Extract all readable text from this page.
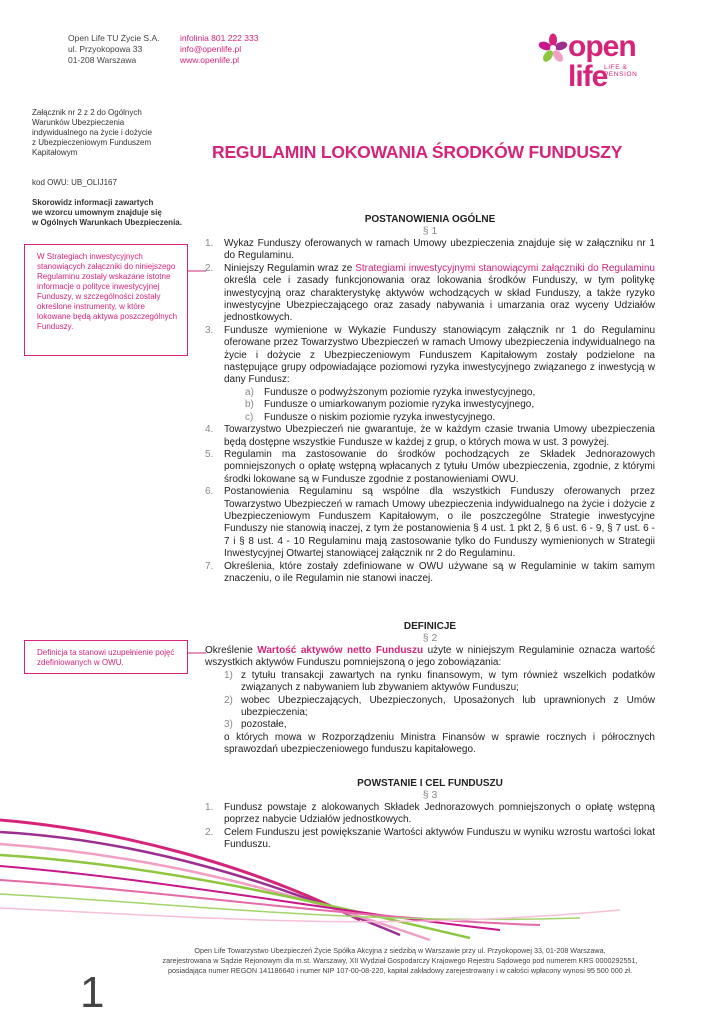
Open Life TU Życie S.A.
ul. Przyokopowa 33
01-208 Warszawa
infolinia 801 222 333
info@openlife.pl
www.openlife.pl	open life
LIFE & PENSION
Załącznik nr 2 z 2 do Ogólnych
Warunków Ubezpieczenia
indywidualnego na życie i dożycie
z Ubezpieczeniowym Funduszem
Kapitałowym
kod OWU: UB_OLIJ167
Skorowidz informacji zawartych
we wzorcu umownym znajduje się
w Ogólnych Warunkach Ubezpieczenia.
W Strategiach inwestycyjnych stanowiących załączniki do niniejszego Regulaminu zostały wskazane istotne informacje o polityce inwestycyjnej Funduszy, w szczególności zostały określone instrumenty, w które lokowane będą aktywa poszczególnych Funduszy.
Definicja ta stanowi uzupełnienie pojęć zdefiniowanych w OWU.
REGULAMIN LOKOWANIA ŚRODKÓW FUNDUSZY
POSTANOWIENIA OGÓLNE
§ 1

1. Wykaz Funduszy oferowanych w ramach Umowy ubezpieczenia znajduje się w załączniku nr 1 do Regulaminu.

2. Niniejszy Regulamin wraz ze Strategiami inwestycyjnymi stanowiącymi załączniki do Regulaminu określa cele i zasady funkcjonowania oraz lokowania środków Funduszy, w tym politykę inwestycyjną oraz charakterystykę aktywów wchodzących w skład Funduszy, a także ryzyko inwestycyjne Ubezpieczającego oraz zasady nabywania i umarzania oraz wyceny Udziałów jednostkowych.

3. Fundusze wymienione w Wykazie Funduszy stanowiącym załącznik nr 1 do Regulaminu oferowane przez Towarzystwo Ubezpieczeń w ramach Umowy ubezpieczenia indywidualnego na życie i dożycie z Ubezpieczeniowym Funduszem Kapitałowym zostały podzielone na następujące grupy odpowiadające poziomowi ryzyka inwestycyjnego związanego z inwestycją w dany Fundusz:

a) Fundusze o podwyższonym poziomie ryzyka inwestycyjnego,

b) Fundusze o umiarkowanym poziomie ryzyka inwestycyjnego,

c) Fundusze o niskim poziomie ryzyka inwestycyjnego.

4. Towarzystwo Ubezpieczeń nie gwarantuje, że w każdym czasie trwania Umowy ubezpieczenia będą dostępne wszystkie Fundusze w każdej z grup, o których mowa w ust. 3 powyżej.

5. Regulamin ma zastosowanie do środków pochodzących ze Składek Jednorazowych pomniejszonych o opłatę wstępną wpłacanych z tytułu Umów ubezpieczenia, zgodnie, z którymi środki lokowane są w Fundusze zgodnie z postanowieniami OWU.

6. Postanowienia Regulaminu są wspólne dla wszystkich Funduszy oferowanych przez Towarzystwo Ubezpieczeń w ramach Umowy ubezpieczenia indywidualnego na życie i dożycie z Ubezpieczeniowym Funduszem Kapitałowym, o ile poszczególne Strategie inwestycyjne Funduszy nie stanowią inaczej, z tym że postanowienia § 4 ust. 1 pkt 2, § 6 ust. 6 - 9, § 7 ust. 6 - 7 i § 8 ust. 4 - 10 Regulaminu mają zastosowanie tylko do Funduszy wymienionych w Strategii Inwestycyjnej Otwartej stanowiącej załącznik nr 2 do Regulaminu.

7. Określenia, które zostały zdefiniowane w OWU używane są w Regulaminie w takim samym znaczeniu, o ile Regulamin nie stanowi inaczej.

DEFINICJE
§ 2

Określenie Wartość aktywów netto Funduszu użyte w niniejszym Regulaminie oznacza wartość wszystkich aktywów Funduszu pomniejszoną o jego zobowiązania:

1) z tytułu transakcji zawartych na rynku finansowym, w tym również wszelkich podatków związanych z nabywaniem lub zbywaniem aktywów Funduszu;

2) wobec Ubezpieczających, Ubezpieczonych, Uposażonych lub uprawnionych z Umów ubezpieczenia;

3) pozostałe,

o których mowa w Rozporządzeniu Ministra Finansów w sprawie rocznych i półrocznych sprawozdań ubezpieczeniowego funduszu kapitałowego.

POWSTANIE I CEL FUNDUSZU
§ 3

1. Fundusz powstaje z alokowanych Składek Jednorazowych pomniejszonych o opłatę wstępną poprzez nabycie Udziałów jednostkowych.

2. Celem Funduszu jest powiększanie Wartości aktywów Funduszu w wyniku wzrostu wartości lokat Funduszu.

Open Life Towarzystwo Ubezpieczeń Życie Spółka Akcyjna z siedzibą w Warszawie przy ul. Przyokopowej 33, 01-208 Warszawa,
zarejestrowana w Sądzie Rejonowym dla m.st. Warszawy, XII Wydział Gospodarczy Krajowego Rejestru Sądowego pod numerem KRS 0000292551,
posiadająca numer REGON 141186640 i numer NIP 107-00-08-220, kapitał zakładowy zarejestrowany i w całości wpłacony wynosi 95 500 000 zł.
1
